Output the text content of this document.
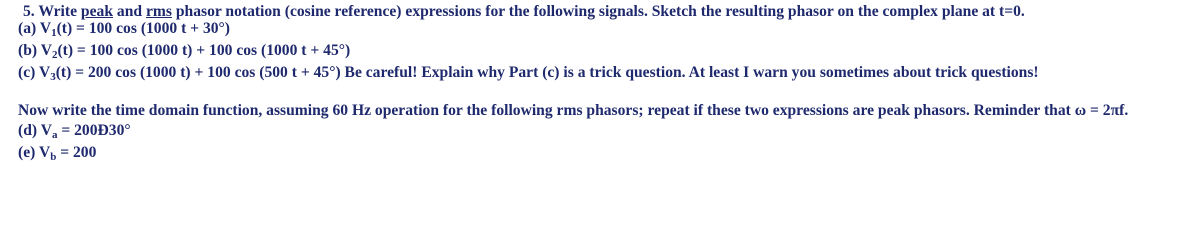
5. Write peak and rms phasor notation (cosine reference) expressions for the following signals. Sketch the resulting phasor on the complex plane at t=0.
(a) $V_1(t) = 100$ cos (1000 t + 30°)
(b) $V_2(t) = 100$ cos (1000 t) + 100 cos (1000 t + 45°)
(c) $V_3(t) = 200$ cos (1000 t) + 100 cos (500 t + 45°) Be careful! Explain why Part (c) is a trick question. At least I warn you sometimes about trick questions!
Now write the time domain function, assuming 60 Hz operation for the following rms phasors; repeat if these two expressions are peak phasors. Reminder that ω = 2πf.
(d) $V_a$ = 200Ð30°
(e) $V_b = 200$
